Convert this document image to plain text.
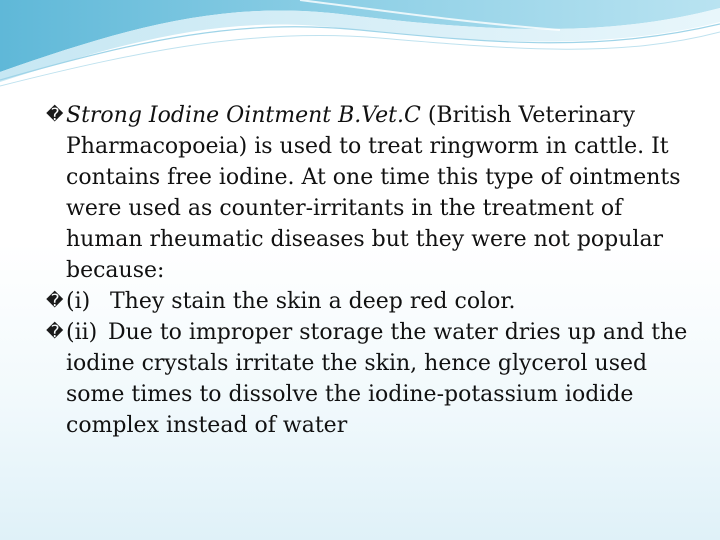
� Strong Iodine Ointment B.Vet.C (British Veterinary Pharmacopoeia) is used to treat ringworm in cattle. It contains free iodine. At one time this type of ointments were used as counter-irritants in the treatment of human rheumatic diseases but they were not popular because:

� (i) They stain the skin a deep red color.

� (ii) Due to improper storage the water dries up and the iodine crystals irritate the skin, hence glycerol used some times to dissolve the iodine-potassium iodide complex instead of water
